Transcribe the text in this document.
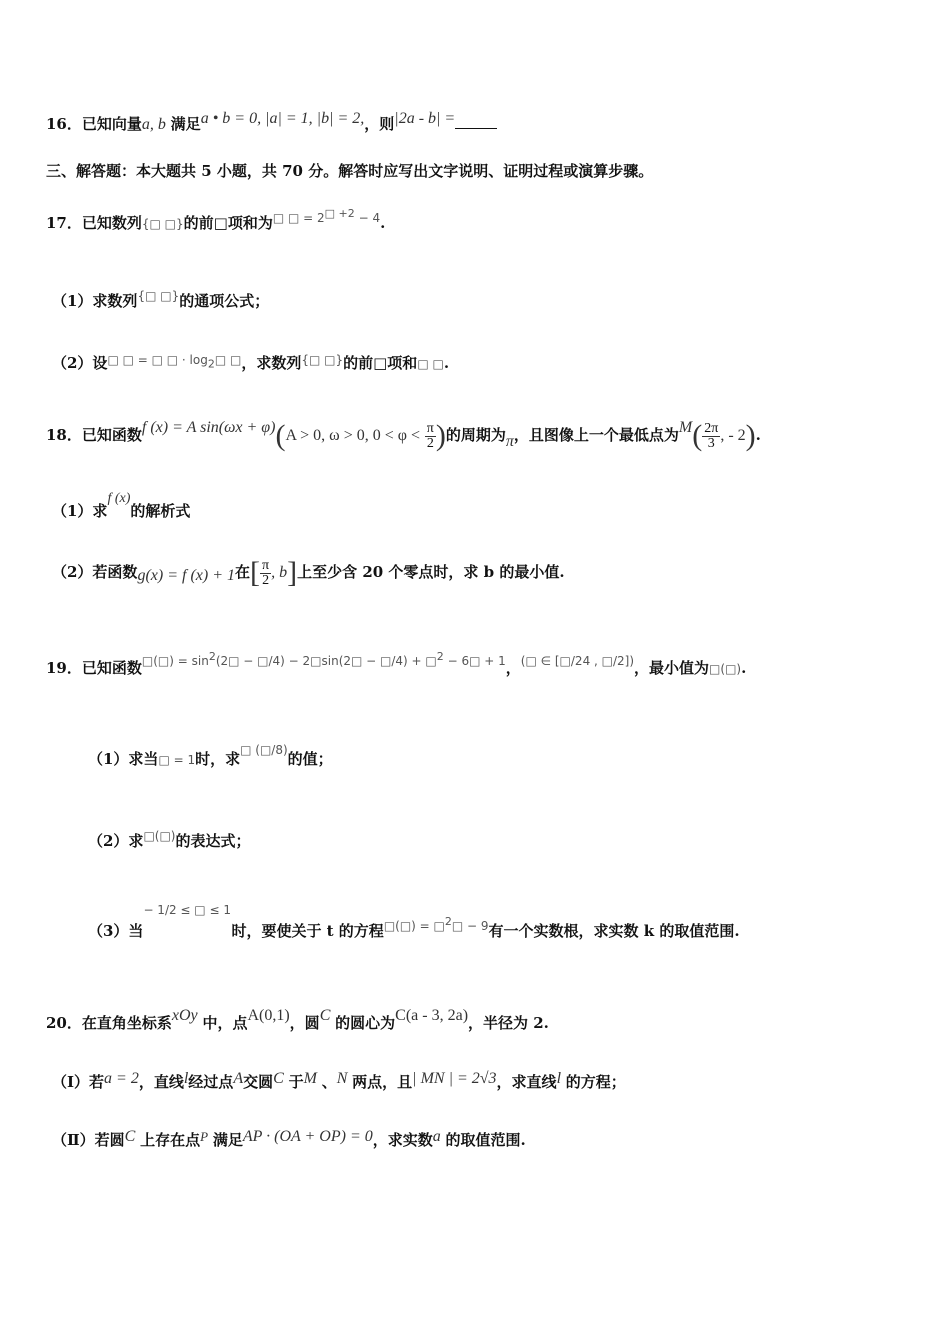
16．已知向量a, b 满足a • b = 0, |a| = 1, |b| = 2,，则|2a - b| =
三、解答题：本大题共 5 小题，共 70 分。解答时应写出文字说明、证明过程或演算步骤。
17．已知数列{□ □}的前□项和为$^{□ □ = 2□ +2 - 4}$.
（1）求数列{□ □}的通项公式；
（2）设$^{□ □ = □ □ \cdot log2□ □}$，求数列{□ □}的前□项和□ □.
18．已知函数f (x) = A sin(ωx + φ)(A > 0, ω > 0, $0 < \varphi < \frac{\pi}{2}$ )的周期为π，且图像上一个最低点为$M( \frac{2\pi}{3}$ , - 2).
（1）求f (x)的解析式
（2）若函数g(x) = f (x) + 1在[ $\frac{\pi}{2}$ , b]上至少含 20 个零点时，求 b 的最小值.
19．已知函数$^{□(□) = sin2(2□ - □/4) - 2□sin(2□ - □/4) + □2 - 6□ + 1}$，$^{(□ \in [□/24 , □/2])}$，最小值为□(□).
（1）求当□ = 1时，求$^{□ (□/8)}$的值；
（2）求□(□)的表达式；
（3）当− 1/2 ≤ □ ≤ 1时，要使关于 t 的方程$^{□(□) = □2□ - 9}$有一个实数根，求实数 k 的取值范围.
20．在直角坐标系xOy 中，点A(0,1)，圆C 的圆心为C(a - 3, 2a)，半径为 2.
（Ⅰ）若a = 2，直线l经过点A交圆C 于M 、N 两点，且| MN | = 2√3，求直线l 的方程；
（Ⅱ）若圆C 上存在点P 满足AP · (OA + OP) = 0，求实数a 的取值范围.
